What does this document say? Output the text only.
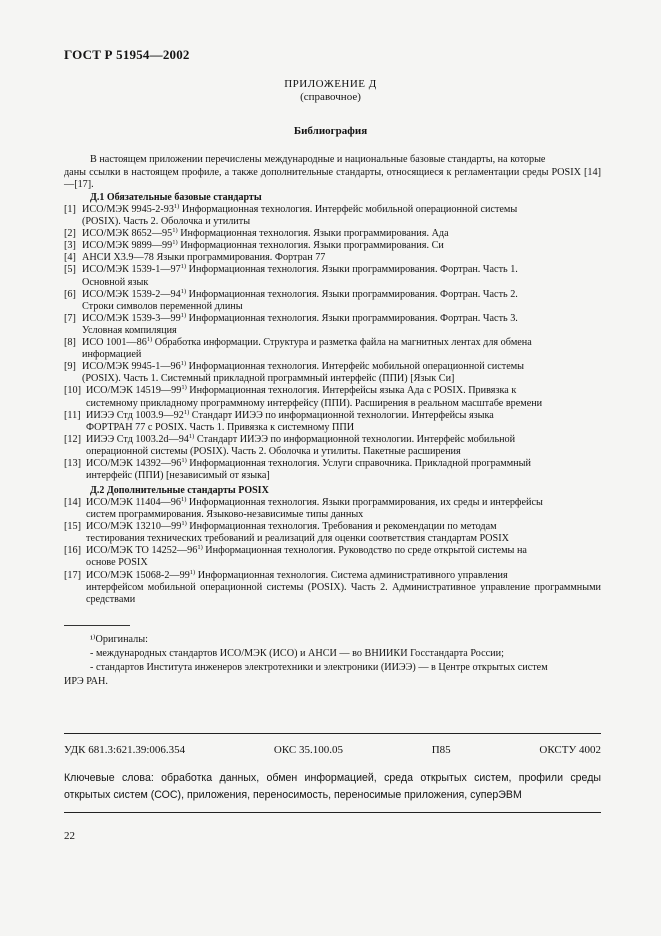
ГОСТ Р 51954—2002
ПРИЛОЖЕНИЕ Д
(справочное)
Библиография
В настоящем приложении перечислены международные и национальные базовые стандарты, на которые
даны ссылки в настоящем профиле, а также дополнительные стандарты, относящиеся к регламентации среды POSIX [14]—[17].
Д.1 Обязательные базовые стандарты
[1] ИСО/МЭК 9945-2-93$^{1)}$ Информационная технология. Интерфейс мобильной операционной системы
(POSIX). Часть 2. Оболочка и утилиты
[2] ИСО/МЭК 8652—95$^{1)}$ Информационная технология. Языки программирования. Ада
[3] ИСО/МЭК 9899—99$^{1)}$ Информационная технология. Языки программирования. Си
[4] АНСИ Х3.9—78 Языки программирования. Фортран 77
[5] ИСО/МЭК 1539-1—97$^{1)}$ Информационная технология. Языки программирования. Фортран. Часть 1.
Основной язык
[6] ИСО/МЭК 1539-2—94$^{1)}$ Информационная технология. Языки программирования. Фортран. Часть 2.
Строки символов переменной длины
[7] ИСО/МЭК 1539-3—99$^{1)}$ Информационная технология. Языки программирования. Фортран. Часть 3.
Условная компиляция
[8] ИСО 1001—86$^{1)}$ Обработка информации. Структура и разметка файла на магнитных лентах для обмена
информацией
[9] ИСО/МЭК 9945-1—96$^{1)}$ Информационная технология. Интерфейс мобильной операционной системы
(POSIX). Часть 1. Системный прикладной программный интерфейс (ППИ) [Язык Си]
[10] ИСО/МЭК 14519—99$^{1)}$ Информационная технология. Интерфейсы языка Ада с POSIX. Привязка к
системному прикладному программному интерфейсу (ППИ). Расширения в реальном масштабе времени
[11] ИИЭЭ Стд 1003.9—92$^{1)}$ Стандарт ИИЭЭ по информационной технологии. Интерфейсы языка
ФОРТРАН 77 с POSIX. Часть 1. Привязка к системному ППИ
[12] ИИЭЭ Стд 1003.2d—94$^{1)}$ Стандарт ИИЭЭ по информационной технологии. Интерфейс мобильной
операционной системы (POSIX). Часть 2. Оболочка и утилиты. Пакетные расширения
[13] ИСО/МЭК 14392—96$^{1)}$ Информационная технология. Услуги справочника. Прикладной программный
интерфейс (ППИ) [независимый от языка]
Д.2 Дополнительные стандарты POSIX
[14] ИСО/МЭК 11404—96$^{1)}$ Информационная технология. Языки программирования, их среды и интерфейсы
систем программирования. Языково-независимые типы данных
[15] ИСО/МЭК 13210—99$^{1)}$ Информационная технология. Требования и рекомендации по методам
тестирования технических требований и реализаций для оценки соответствия стандартам POSIX
[16] ИСО/МЭК ТО 14252—96$^{1)}$ Информационная технология. Руководство по среде открытой системы на
основе POSIX
[17] ИСО/МЭК 15068-2—99$^{1)}$ Информационная технология. Система административного управления
интерфейсом мобильной операционной системы (POSIX). Часть 2. Административное управление программными средствами
¹⁾Оригиналы:
- международных стандартов ИСО/МЭК (ИСО) и АНСИ — во ВНИИКИ Госстандарта России;
- стандартов Института инженеров электротехники и электроники (ИИЭЭ) — в Центре открытых систем
ИРЭ РАН.
УДК 681.3:621.39:006.354	ОКС 35.100.05	П85	ОКСТУ 4002
Ключевые слова: обработка данных, обмен информацией, среда открытых систем, профили среды открытых систем (СОС), приложения, переносимость, переносимые приложения, суперЭВМ
22
